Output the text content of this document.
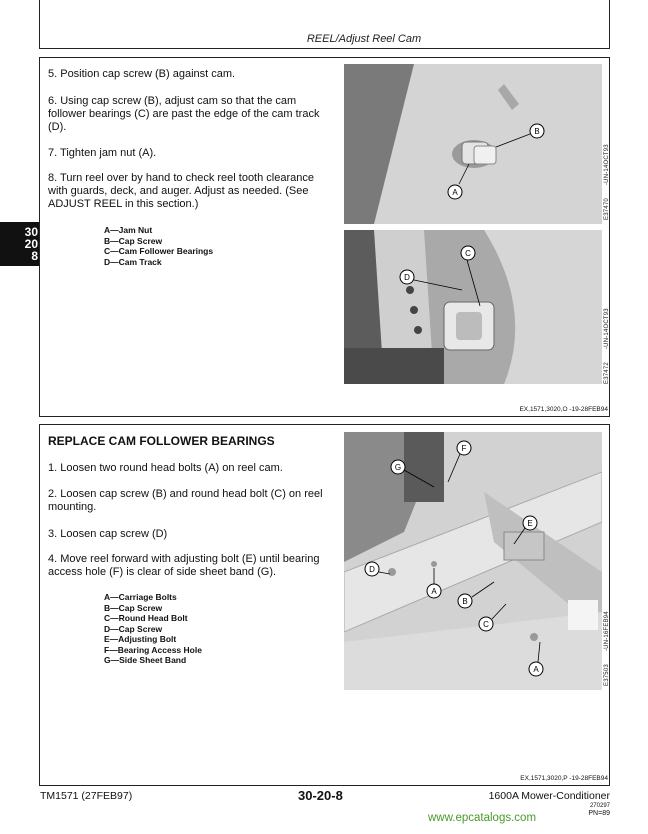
REEL/Adjust Reel Cam
30
20
8
5. Position cap screw (B) against cam.
6. Using cap screw (B), adjust cam so that the cam follower bearings (C) are past the edge of the cam track (D).
7. Tighten jam nut (A).
8. Turn reel over by hand to check reel tooth clearance with guards, deck, and auger. Adjust as needed. (See ADJUST REEL in this section.)
A—Jam Nut
B—Cap Screw
C—Cam Follower Bearings
D—Cam Track
B
A
E37470       -UN-14OCT93
C
D
E37472       -UN-14OCT93
EX,1571,3020,O -19-28FEB94
REPLACE CAM FOLLOWER BEARINGS
1. Loosen two round head bolts (A) on reel cam.
2. Loosen cap screw (B) and round head bolt (C) on reel mounting.
3. Loosen cap screw (D)
4. Move reel forward with adjusting bolt (E) until bearing access hole (F) is clear of side sheet band (G).
A—Carriage Bolts
B—Cap Screw
C—Round Head Bolt
D—Cap Screw
E—Adjusting Bolt
F—Bearing Access Hole
G—Side Sheet Band
G
F
E
D
A
B
C
A	E37503       -UN-16FEB94
EX,1571,3020,P -19-28FEB94
TM1571 (27FEB97)	30-20-8	1600A Mower-Conditioner
270297
PN=89
www.epcatalogs.com
